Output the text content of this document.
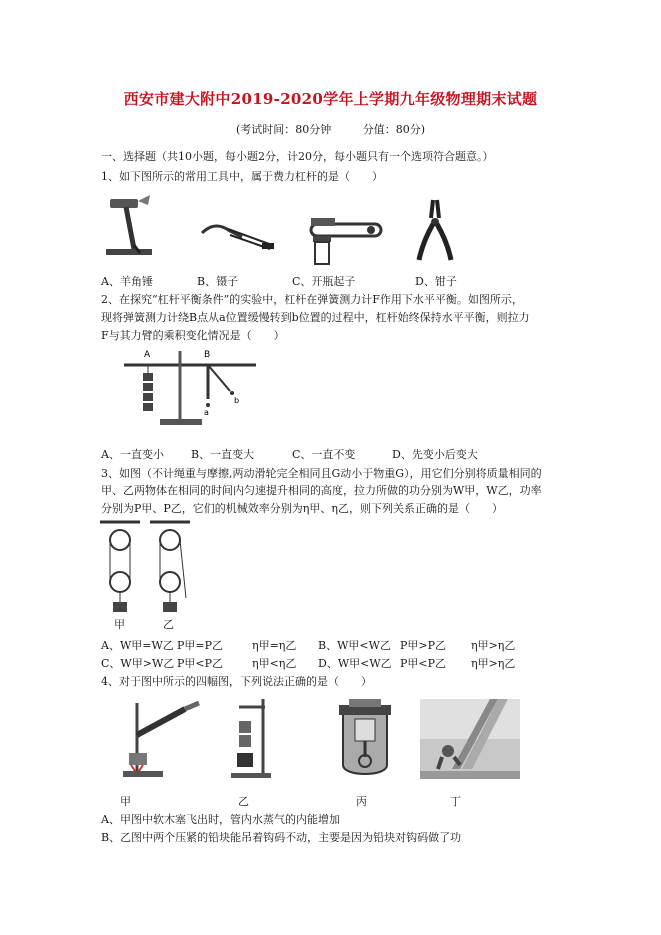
西安市建大附中2019-2020学年上学期九年级物理期末试题
(考试时间：80分钟	分值：80分)
一、选择题（共10小题，每小题2分，计20分，每小题只有一个选项符合题意。）
1、如下图所示的常用工具中，属于费力杠杆的是（　　）
A、羊角锤	B、镊子	C、开瓶起子	D、钳子
2、在探究“杠杆平衡条件”的实验中，杠杆在弹簧测力计F作用下水平平衡。如图所示，
现将弹簧测力计绕B点从a位置缓慢转到b位置的过程中，杠杆始终保持水平平衡，则拉力
F与其力臂的乘积变化情况是（　　）
A	B
a
b
A、一直变小 B、一直变大	C、一直不变	D、先变小后变大
3、如图（不计绳重与摩擦,两动滑轮完全相同且G动小于物重G），用它们分别将质量相同的
甲、乙两物体在相同的时间内匀速提升相同的高度，拉力所做的功分别为W甲，W乙，功率
分别为P甲、P乙，它们的机械效率分别为η甲、η乙，则下列关系正确的是（　　）
甲	乙
A、W甲=W乙 P甲=P乙	η甲=η乙 B、W甲<W乙 P甲>P乙 η甲>η乙
C、W甲>W乙 P甲<P乙	η甲<η乙 D、W甲<W乙 P甲<P乙 η甲>η乙
4、对于图中所示的四幅图，下列说法正确的是（　　）
甲	乙	丙	丁
A、甲图中软木塞飞出时，管内水蒸气的内能增加
B、乙图中两个压紧的铅块能吊着钩码不动，主要是因为铅块对钩码做了功
